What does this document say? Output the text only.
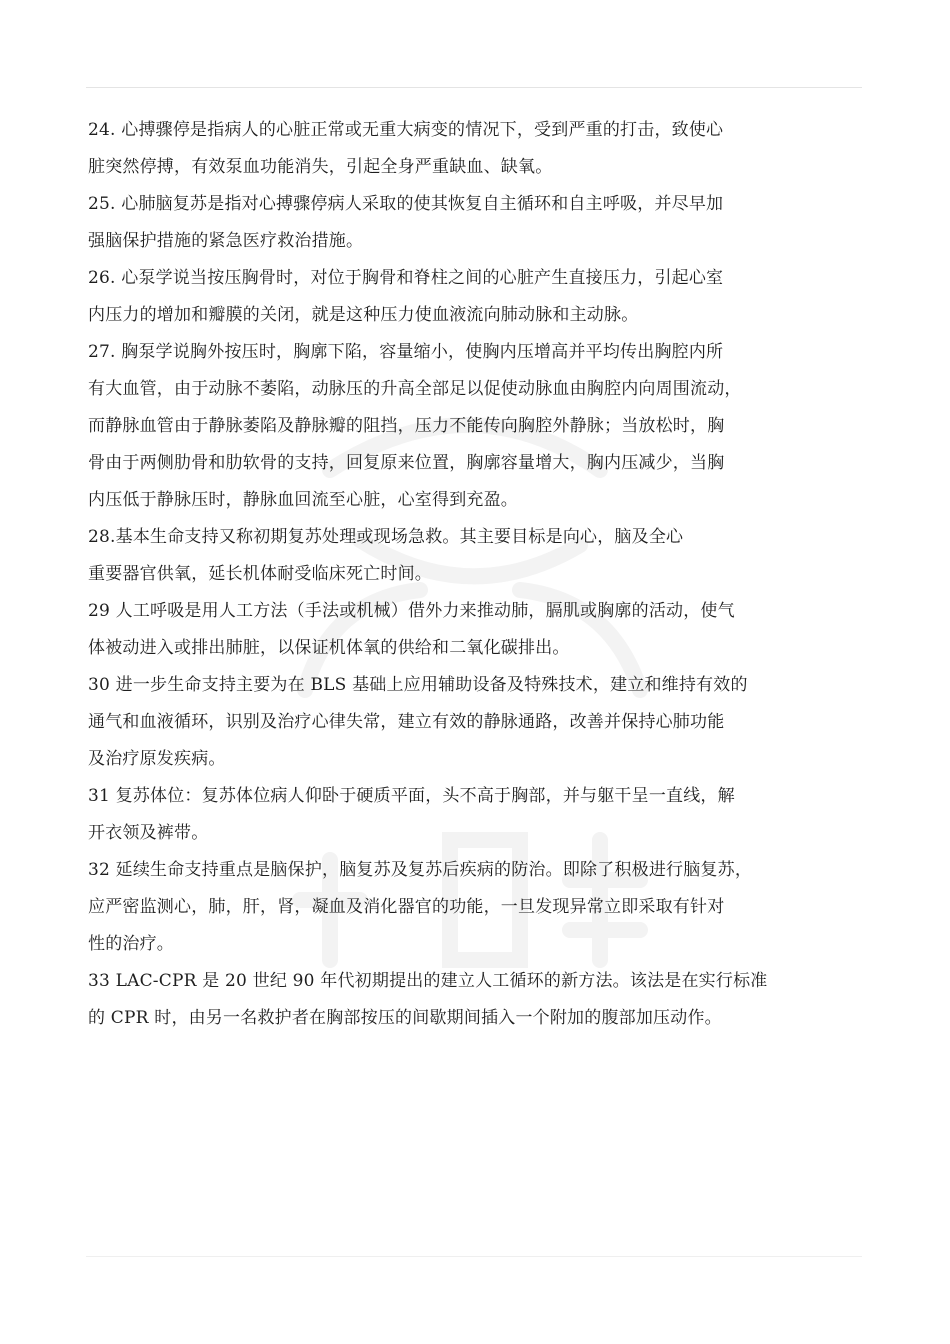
24. 心搏骤停是指病人的心脏正常或无重大病变的情况下，受到严重的打击，致使心
脏突然停搏，有效泵血功能消失，引起全身严重缺血、缺氧。
25. 心肺脑复苏是指对心搏骤停病人采取的使其恢复自主循环和自主呼吸，并尽早加
强脑保护措施的紧急医疗救治措施。
26. 心泵学说当按压胸骨时，对位于胸骨和脊柱之间的心脏产生直接压力，引起心室
内压力的增加和瓣膜的关闭，就是这种压力使血液流向肺动脉和主动脉。
27. 胸泵学说胸外按压时，胸廓下陷，容量缩小，使胸内压增高并平均传出胸腔内所
有大血管，由于动脉不萎陷，动脉压的升高全部足以促使动脉血由胸腔内向周围流动，
而静脉血管由于静脉萎陷及静脉瓣的阻挡，压力不能传向胸腔外静脉；当放松时，胸
骨由于两侧肋骨和肋软骨的支持，回复原来位置，胸廓容量增大，胸内压减少，当胸
内压低于静脉压时，静脉血回流至心脏，心室得到充盈。
28.基本生命支持又称初期复苏处理或现场急救。其主要目标是向心，脑及全心
重要器官供氧，延长机体耐受临床死亡时间。
29 人工呼吸是用人工方法（手法或机械）借外力来推动肺，膈肌或胸廓的活动，使气
体被动进入或排出肺脏，以保证机体氧的供给和二氧化碳排出。
30 进一步生命支持主要为在 BLS 基础上应用辅助设备及特殊技术，建立和维持有效的
通气和血液循环，识别及治疗心律失常，建立有效的静脉通路，改善并保持心肺功能
及治疗原发疾病。
31 复苏体位：复苏体位病人仰卧于硬质平面，头不高于胸部，并与躯干呈一直线，解
开衣领及裤带。
32 延续生命支持重点是脑保护，脑复苏及复苏后疾病的防治。即除了积极进行脑复苏，
应严密监测心，肺，肝，肾，凝血及消化器官的功能，一旦发现异常立即采取有针对
性的治疗。
33 LAC-CPR 是 20 世纪 90 年代初期提出的建立人工循环的新方法。该法是在实行标准
的 CPR 时，由另一名救护者在胸部按压的间歇期间插入一个附加的腹部加压动作。
